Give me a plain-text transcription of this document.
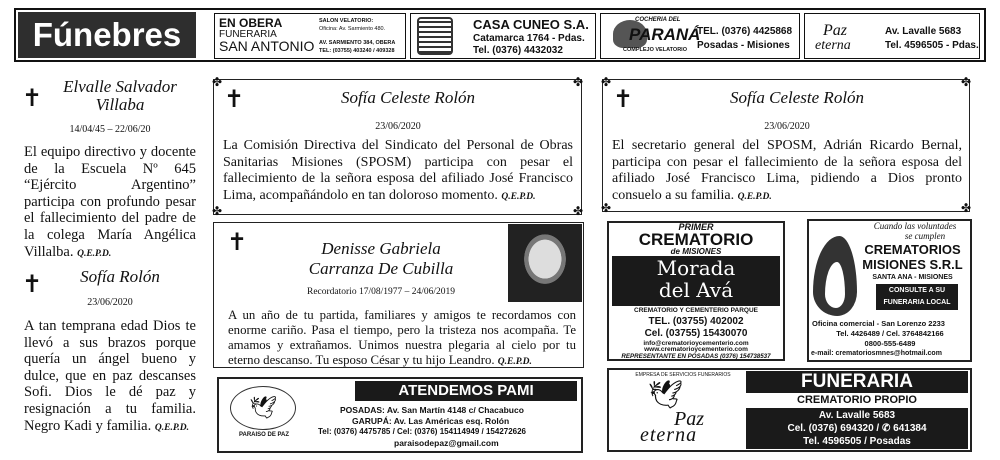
Fúnebres	EN OBERA
FUNERARIA
SAN ANTONIO
SALON VELATORIO:
Oficina: Av. Sarmiento 480.
AV. SARMIENTO 384, OBERA
TEL: (03755) 403240 / 409328
CASA CUNEO S.A.
Catamarca 1764 - Pdas.
Tel. (0376) 4432032
COCHERIA DEL
PARANÁ
COMPLEJO VELATORIO
TEL. (0376) 4425868
Posadas - Misiones
Paz
eterna
Av. Lavalle 5683
Tel. 4596505 - Pdas.
✝	Elvalle Salvador
Villaba
14/04/45 – 22/06/20
El equipo directivo y docente de la Escuela Nº 645 “Ejército Argentino” participa con profundo pesar el fallecimiento del padre de la colega María Angélica Villalba. Q.E.P.D.
✝	Sofía Rolón
23/06/2020
A tan temprana edad Dios te llevó a sus brazos porque quería un ángel bueno y dulce, que en paz descanses Sofi. Dios le dé paz y resignación a tu familia. Negro Kadi y familia. Q.E.P.D.
✤	✤
✤	✤
✝	Sofía Celeste Rolón
23/06/2020
La Comisión Directiva del Sindicato del Personal de Obras Sanitarias Misiones (SPOSM) participa con pesar el fallecimiento de la señora esposa del afiliado José Francisco Lima, acompañándolo en tan doloroso momento. Q.E.P.D.
✤	✤
✤	✤
✝	Sofía Celeste Rolón
23/06/2020
El secretario general del SPOSM, Adrián Ricardo Bernal, participa con pesar el fallecimiento de la señora esposa del afiliado José Francisco Lima, pidiendo a Dios pronto consuelo a su familia. Q.E.P.D.
✝	Denisse Gabriela
Carranza De Cubilla
Recordatorio 17/08/1977 – 24/06/2019
A un año de tu partida, familiares y amigos te recordamos con enorme cariño. Pasa el tiempo, pero la tristeza nos acompaña. Te amamos y extrañamos. Unimos nuestra plegaria al cielo por tu eterno descanso. Tu esposo César y tu hijo Leandro. Q.E.P.D.
🕊
PARAISO DE PAZ
ATENDEMOS PAMI
POSADAS: Av. San Martín 4148 c/ Chacabuco
GARUPÁ: Av. Las Américas esq. Rolón
Tel: (0376) 4475785 / Cel: (0376) 154114949 / 154272626
paraisodepaz@gmail.com
PRIMER
CREMATORIO
de MISIONES
Morada
del Avá
CREMATORIO Y CEMENTERIO PARQUE
TEL. (03755) 402002
Cel. (03755) 15430070
info@crematorioycementerio.com
www.crematorioycementerio.com
REPRESENTANTE EN POSADAS (0376) 154738537
Cuando las voluntades
se cumplen
CREMATORIOS
MISIONES S.R.L
SANTA ANA - MISIONES
CONSULTE A SU
FUNERARIA LOCAL
Oficina comercial - San Lorenzo 2233
Tel. 4426489 / Cel. 3764842166
0800-555-6489
e-mail: crematoriosmnes@hotmail.com
EMPRESA DE SERVICIOS FUNERARIOS
🕊
Paz
eterna
FUNERARIA
CREMATORIO PROPIO
Av. Lavalle 5683
Cel. (0376) 694320 / ✆ 641384
Tel. 4596505 / Posadas
